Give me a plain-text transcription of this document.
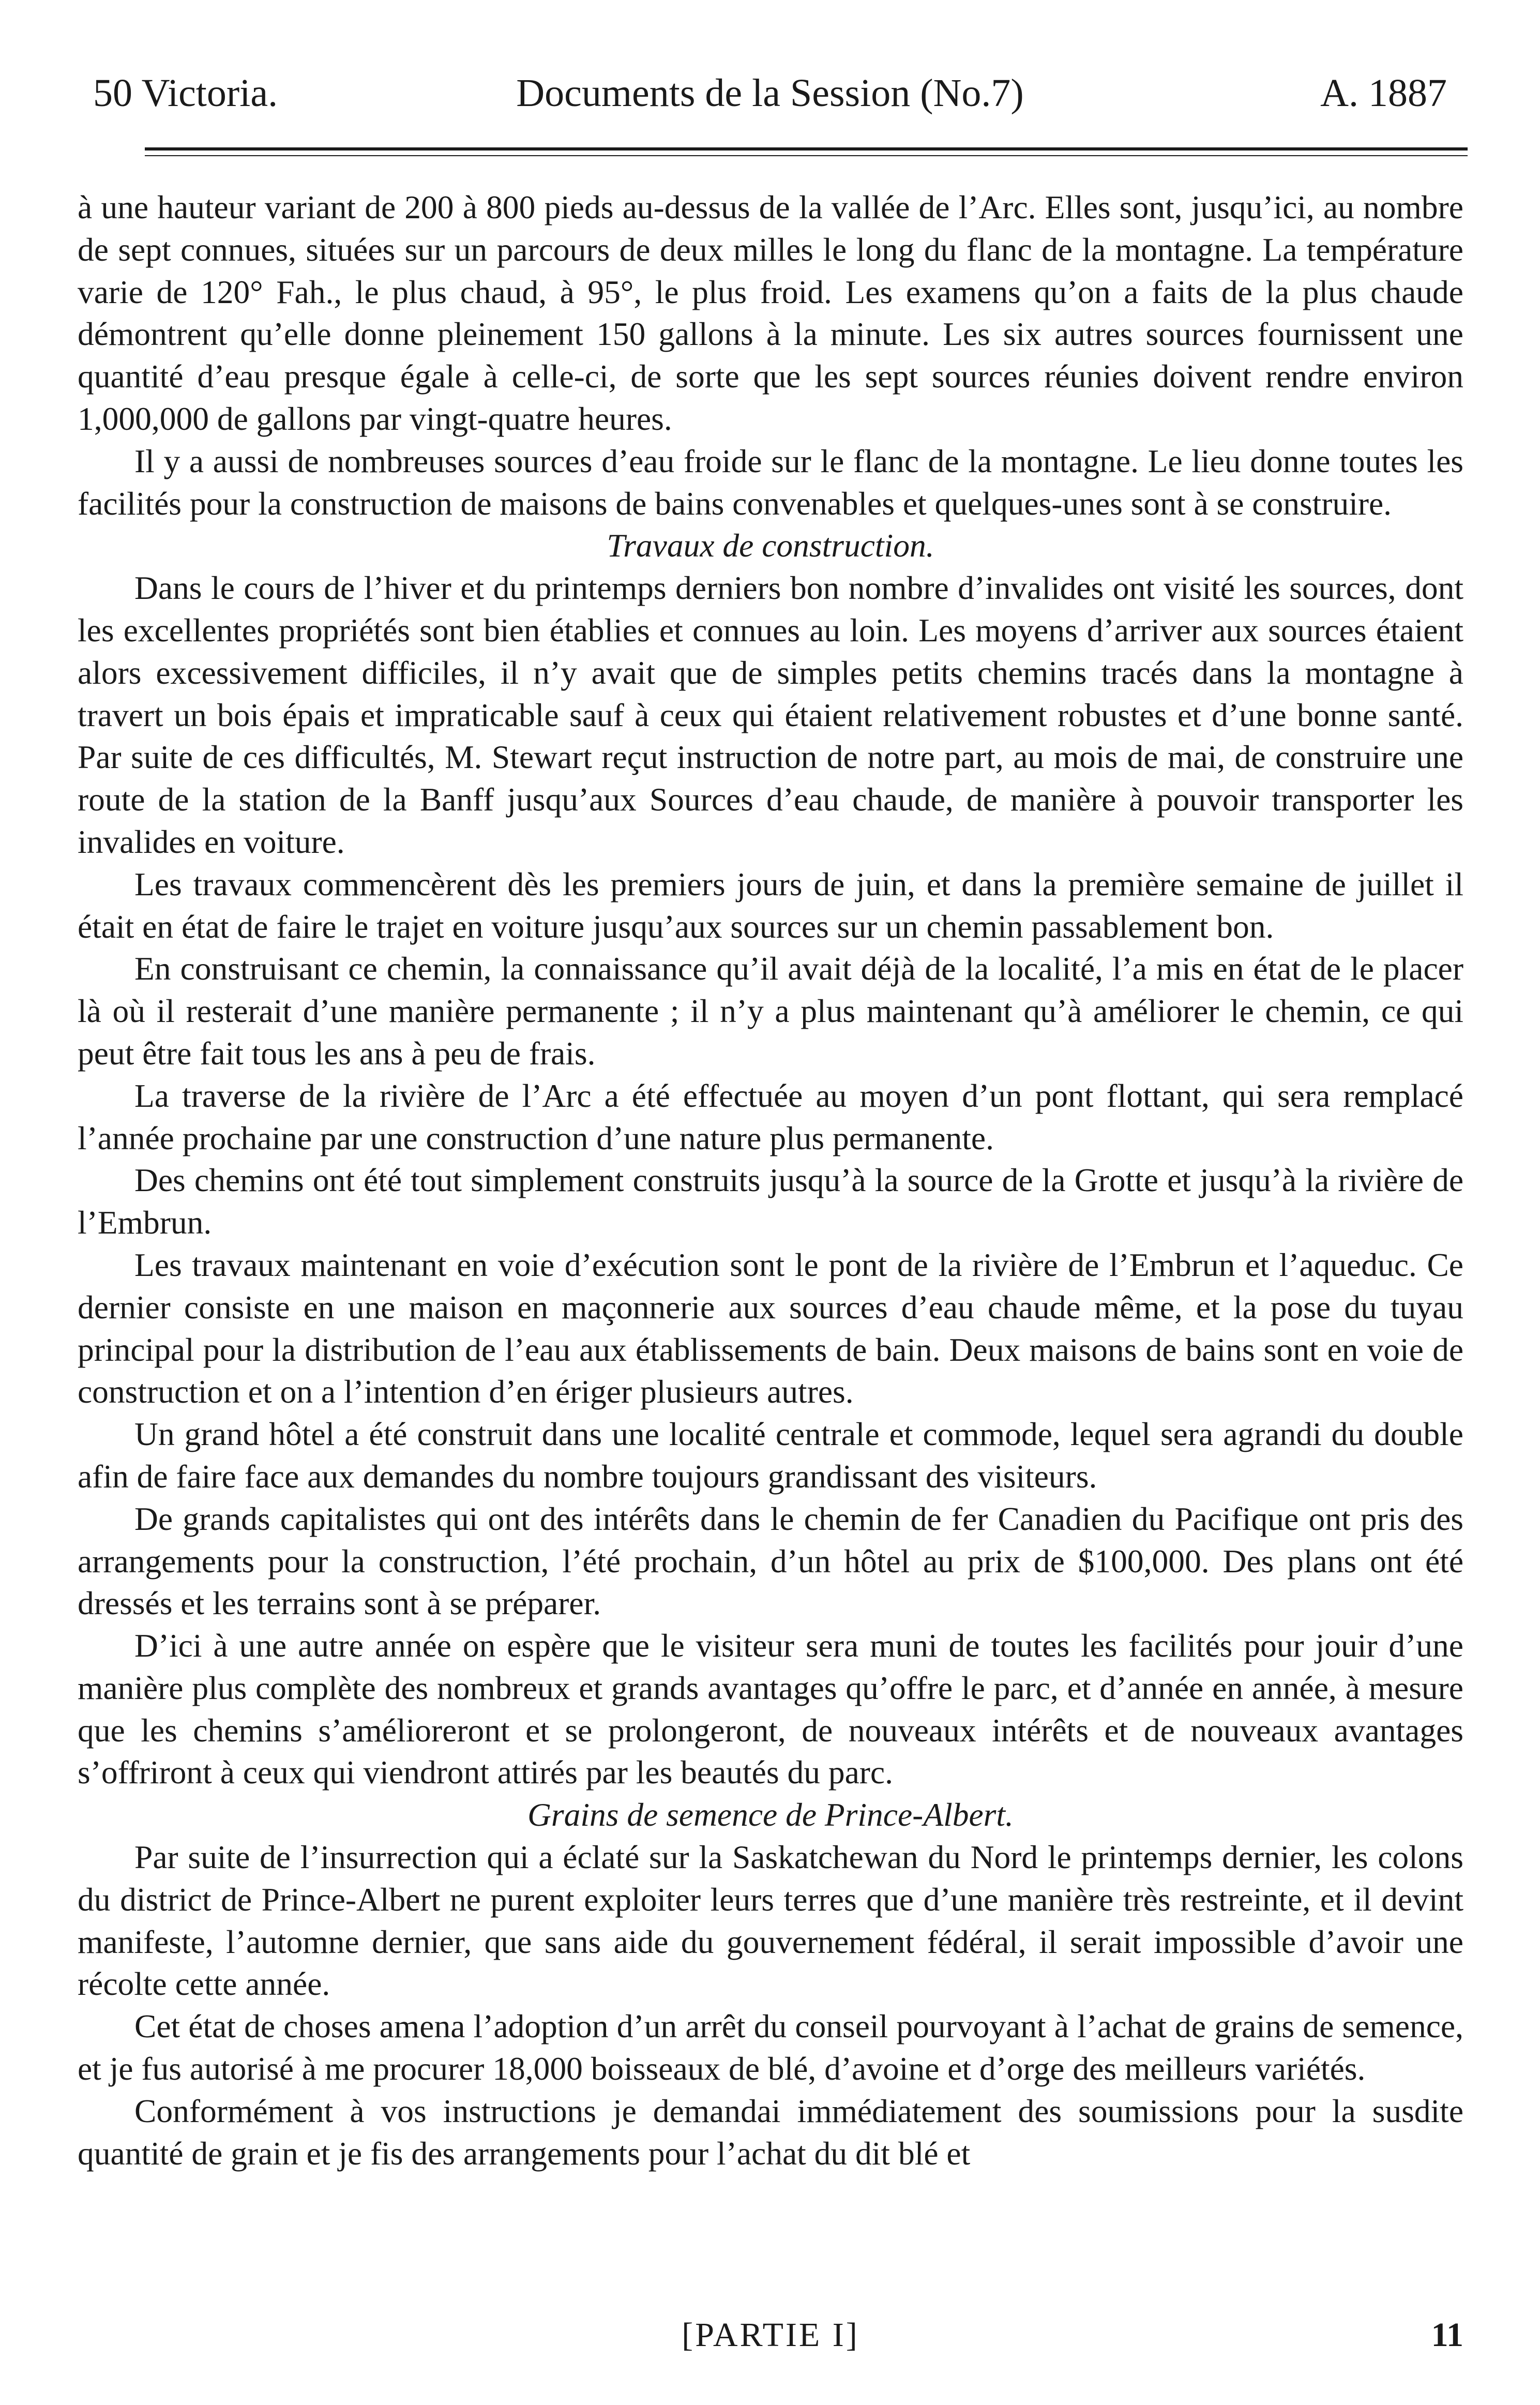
50 Victoria.	Documents de la Session (No.7)	A. 1887

à une hauteur variant de 200 à 800 pieds au-dessus de la vallée de l’Arc. Elles sont, jusqu’ici, au nombre de sept connues, situées sur un parcours de deux milles le long du flanc de la montagne. La température varie de 120° Fah., le plus chaud, à 95°, le plus froid. Les examens qu’on a faits de la plus chaude démontrent qu’elle donne pleinement 150 gallons à la minute. Les six autres sources fournissent une quantité d’eau presque égale à celle-ci, de sorte que les sept sources réunies doivent rendre environ 1,000,000 de gallons par vingt-quatre heures.

Il y a aussi de nombreuses sources d’eau froide sur le flanc de la montagne. Le lieu donne toutes les facilités pour la construction de maisons de bains convenables et quelques-unes sont à se construire.

Travaux de construction.

Dans le cours de l’hiver et du printemps derniers bon nombre d’invalides ont visité les sources, dont les excellentes propriétés sont bien établies et connues au loin. Les moyens d’arriver aux sources étaient alors excessivement difficiles, il n’y avait que de simples petits chemins tracés dans la montagne à travert un bois épais et impraticable sauf à ceux qui étaient relativement robustes et d’une bonne santé. Par suite de ces difficultés, M. Stewart reçut instruction de notre part, au mois de mai, de construire une route de la station de la Banff jusqu’aux Sources d’eau chaude, de manière à pouvoir transporter les invalides en voiture.

Les travaux commencèrent dès les premiers jours de juin, et dans la première semaine de juillet il était en état de faire le trajet en voiture jusqu’aux sources sur un chemin passablement bon.

En construisant ce chemin, la connaissance qu’il avait déjà de la localité, l’a mis en état de le placer là où il resterait d’une manière permanente ; il n’y a plus maintenant qu’à améliorer le chemin, ce qui peut être fait tous les ans à peu de frais.

La traverse de la rivière de l’Arc a été effectuée au moyen d’un pont flottant, qui sera remplacé l’année prochaine par une construction d’une nature plus permanente.

Des chemins ont été tout simplement construits jusqu’à la source de la Grotte et jusqu’à la rivière de l’Embrun.

Les travaux maintenant en voie d’exécution sont le pont de la rivière de l’Embrun et l’aqueduc. Ce dernier consiste en une maison en maçonnerie aux sources d’eau chaude même, et la pose du tuyau principal pour la distribution de l’eau aux établissements de bain. Deux maisons de bains sont en voie de construction et on a l’intention d’en ériger plusieurs autres.

Un grand hôtel a été construit dans une localité centrale et commode, lequel sera agrandi du double afin de faire face aux demandes du nombre toujours grandissant des visiteurs.

De grands capitalistes qui ont des intérêts dans le chemin de fer Canadien du Pacifique ont pris des arrangements pour la construction, l’été prochain, d’un hôtel au prix de $100,000. Des plans ont été dressés et les terrains sont à se préparer.

D’ici à une autre année on espère que le visiteur sera muni de toutes les facilités pour jouir d’une manière plus complète des nombreux et grands avantages qu’offre le parc, et d’année en année, à mesure que les chemins s’amélioreront et se prolongeront, de nouveaux intérêts et de nouveaux avantages s’offriront à ceux qui viendront attirés par les beautés du parc.

Grains de semence de Prince-Albert.

Par suite de l’insurrection qui a éclaté sur la Saskatchewan du Nord le printemps dernier, les colons du district de Prince-Albert ne purent exploiter leurs terres que d’une manière très restreinte, et il devint manifeste, l’automne dernier, que sans aide du gouvernement fédéral, il serait impossible d’avoir une récolte cette année.

Cet état de choses amena l’adoption d’un arrêt du conseil pourvoyant à l’achat de grains de semence, et je fus autorisé à me procurer 18,000 boisseaux de blé, d’avoine et d’orge des meilleurs variétés.

Conformément à vos instructions je demandai immédiatement des soumissions pour la susdite quantité de grain et je fis des arrangements pour l’achat du dit blé et

[PARTIE I]	11
